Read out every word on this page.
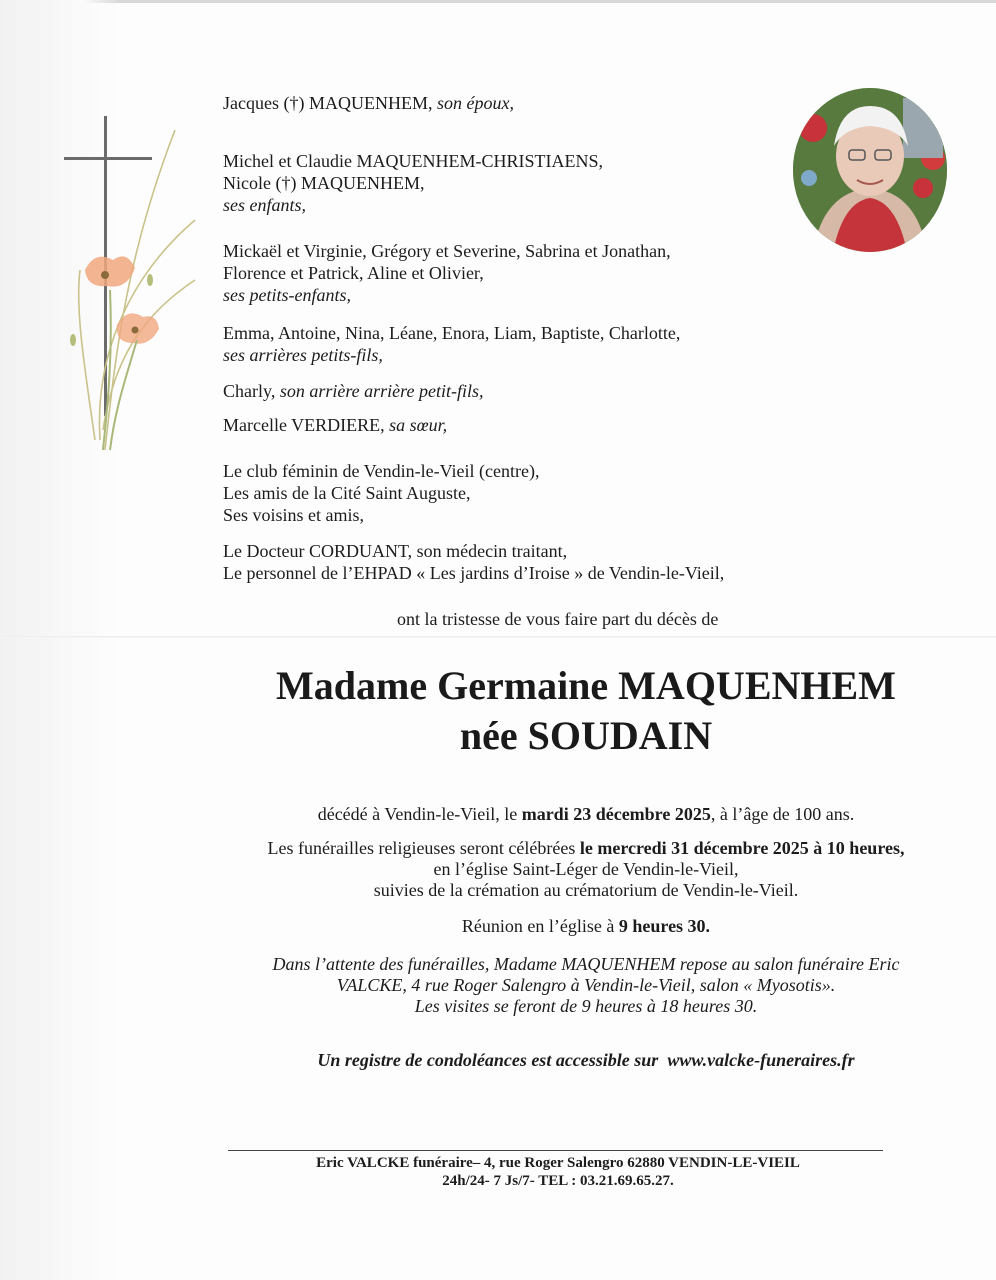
Jacques (†) MAQUENHEM, son époux,
Michel et Claudie MAQUENHEM-CHRISTIAENS,
Nicole (†) MAQUENHEM,
ses enfants,
Mickaël et Virginie, Grégory et Severine, Sabrina et Jonathan,
Florence et Patrick, Aline et Olivier,
ses petits-enfants,
Emma, Antoine, Nina, Léane, Enora, Liam, Baptiste, Charlotte,
ses arrières petits-fils,
Charly, son arrière arrière petit-fils,
Marcelle VERDIERE, sa sœur,
Le club féminin de Vendin-le-Vieil (centre),
Les amis de la Cité Saint Auguste,
Ses voisins et amis,
Le Docteur CORDUANT, son médecin traitant,
Le personnel de l’EHPAD « Les jardins d’Iroise » de Vendin-le-Vieil,
ont la tristesse de vous faire part du décès de
Madame Germaine MAQUENHEM
née SOUDAIN
décédé à Vendin-le-Vieil, le mardi 23 décembre 2025, à l’âge de 100 ans.
Les funérailles religieuses seront célébrées le mercredi 31 décembre 2025 à 10 heures,
en l’église Saint-Léger de Vendin-le-Vieil,
suivies de la crémation au crématorium de Vendin-le-Vieil.
Réunion en l’église à 9 heures 30.
Dans l’attente des funérailles, Madame MAQUENHEM repose au salon funéraire Eric
VALCKE, 4 rue Roger Salengro à Vendin-le-Vieil, salon « Myosotis».
Les visites se feront de 9 heures à 18 heures 30.
Un registre de condoléances est accessible sur www.valcke-funeraires.fr
Eric VALCKE funéraire– 4, rue Roger Salengro 62880 VENDIN-LE-VIEIL
24h/24- 7 Js/7- TEL : 03.21.69.65.27.
